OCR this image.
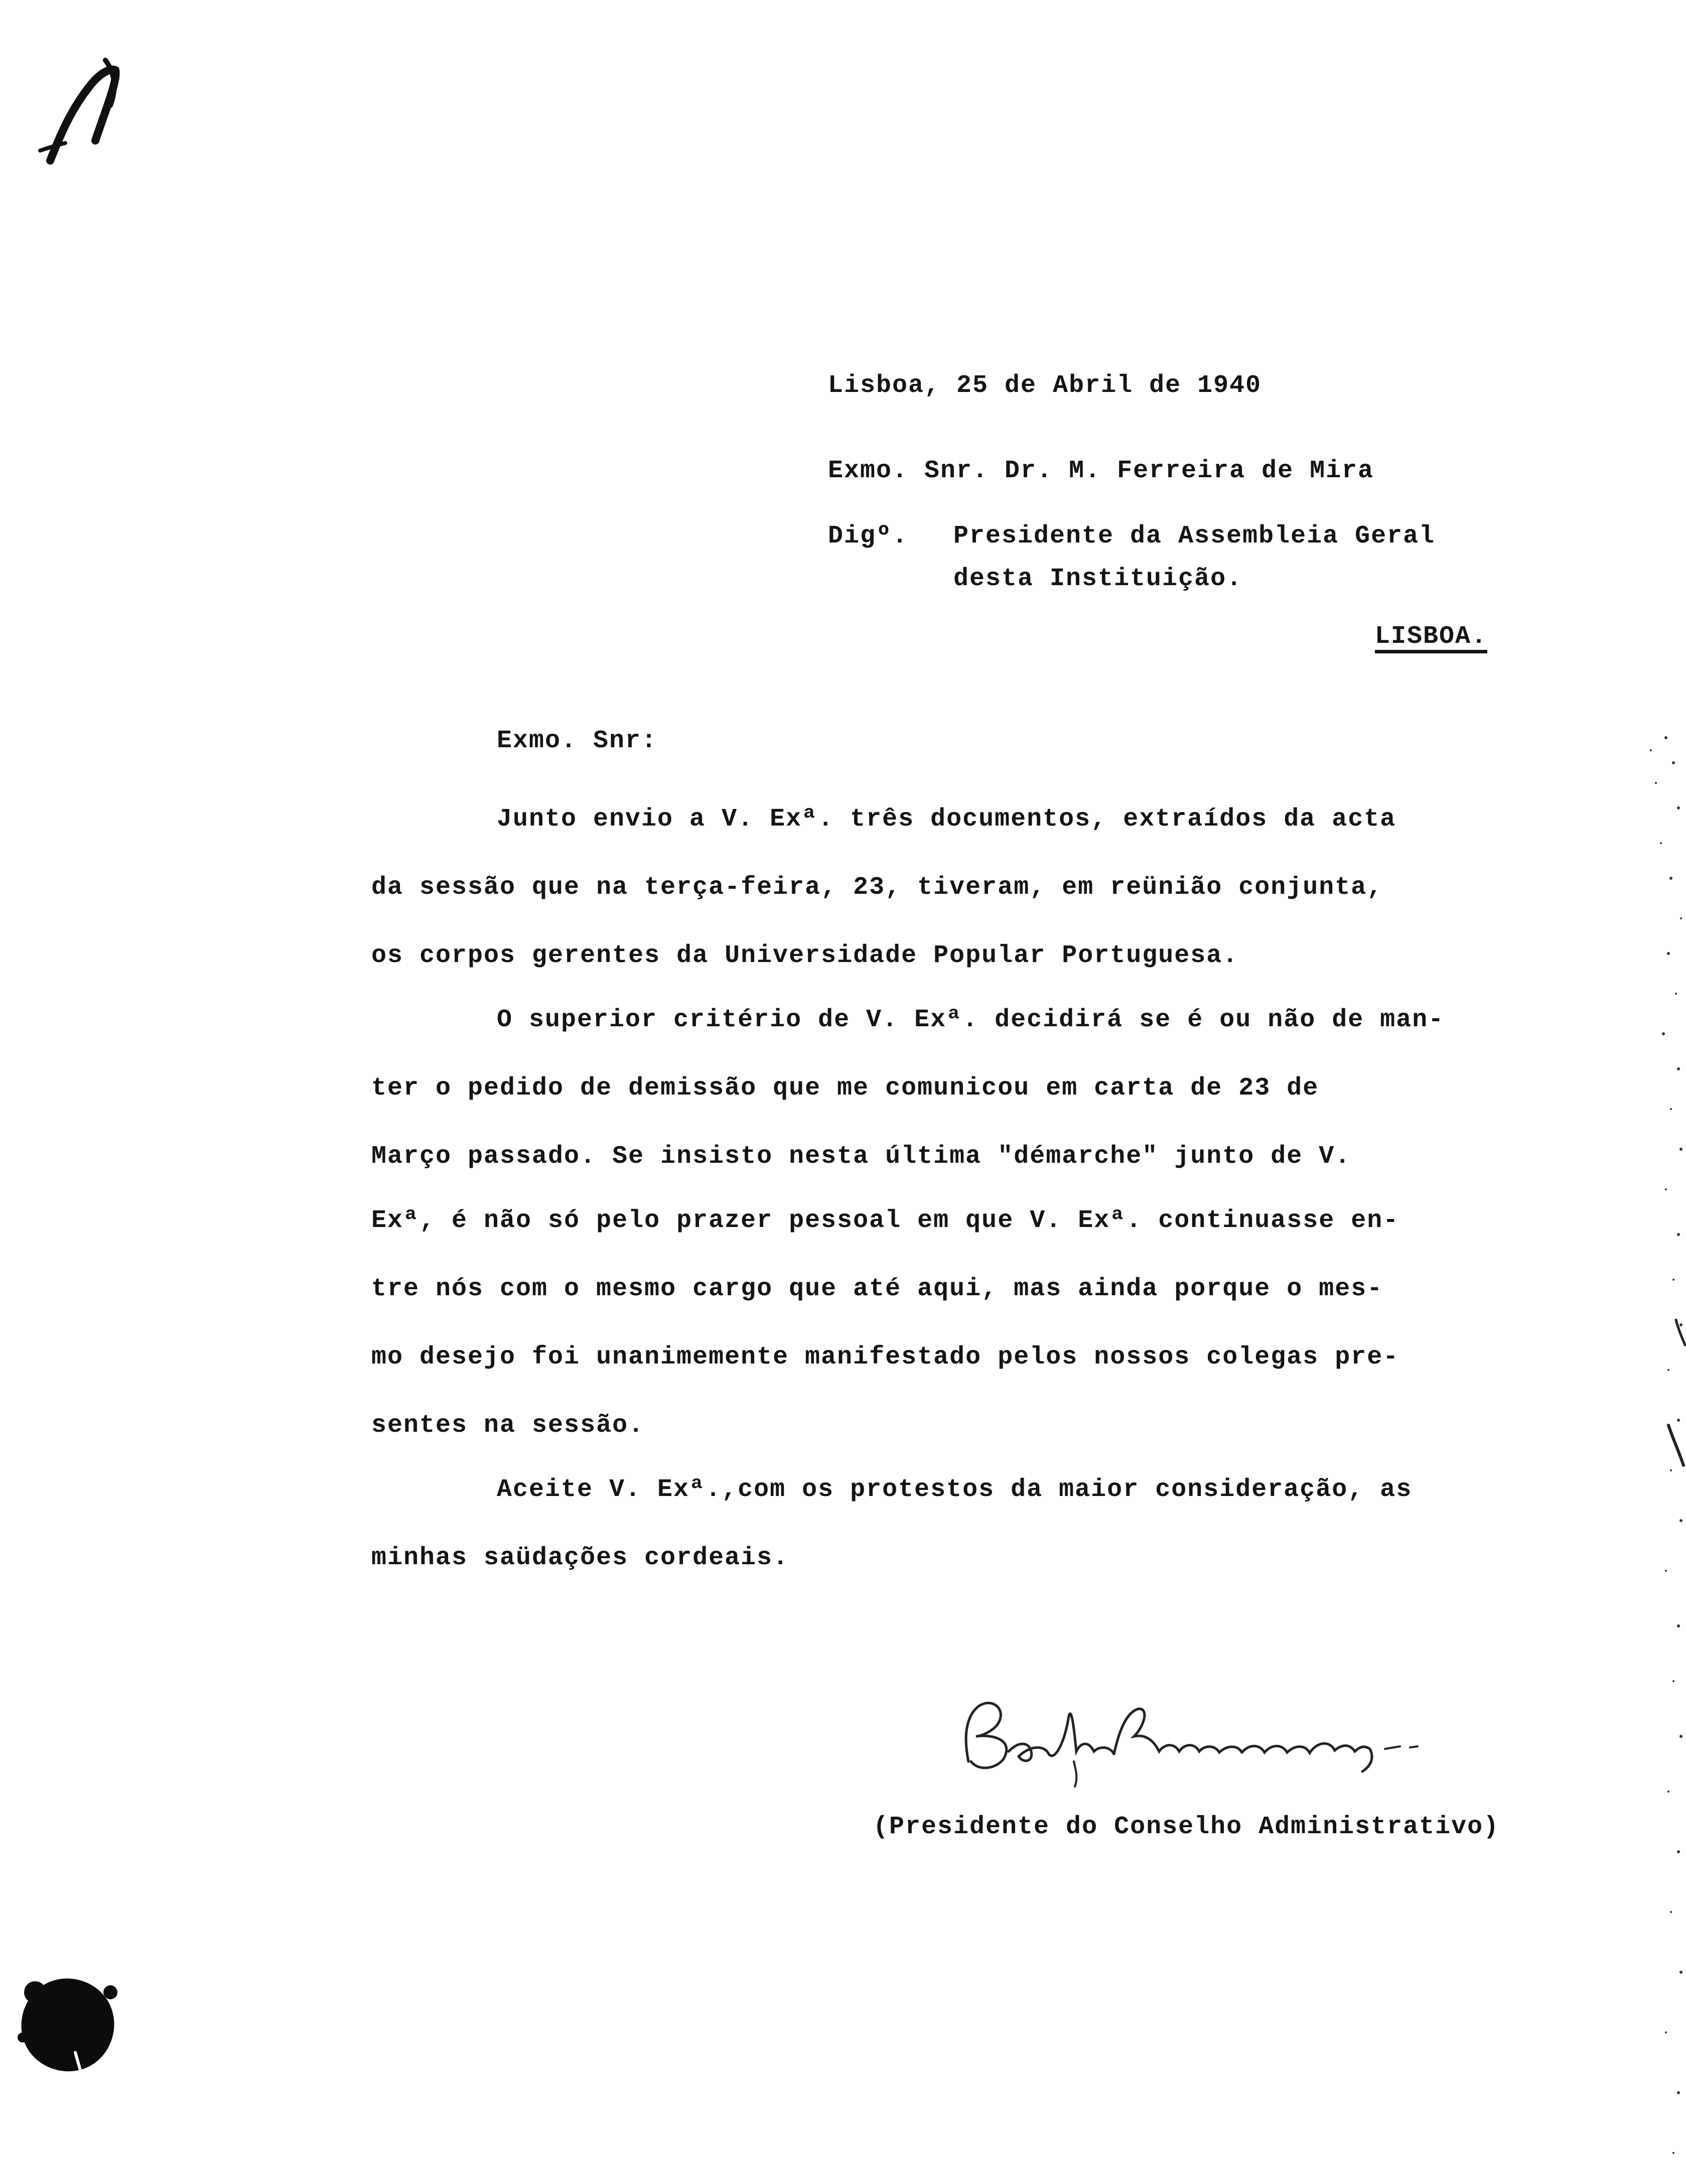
Lisboa, 25 de Abril de 1940
Exmo. Snr. Dr. M. Ferreira de Mira
Digº. Presidente da Assembleia Geral
desta Instituição.
LISBOA.
Exmo. Snr:
Junto envio a V. Exª. três documentos, extraídos da acta
da sessão que na terça-feira, 23, tiveram, em reünião conjunta,
os corpos gerentes da Universidade Popular Portuguesa.
O superior critério de V. Exª. decidirá se é ou não de man-
ter o pedido de demissão que me comunicou em carta de 23 de
Março passado. Se insisto nesta última "démarche" junto de V.
Exª, é não só pelo prazer pessoal em que V. Exª. continuasse en-
tre nós com o mesmo cargo que até aqui, mas ainda porque o mes-
mo desejo foi unanimemente manifestado pelos nossos colegas pre-
sentes na sessão.
Aceite V. Exª.,com os protestos da maior consideração, as
minhas saüdações cordeais.
(Presidente do Conselho Administrativo)
